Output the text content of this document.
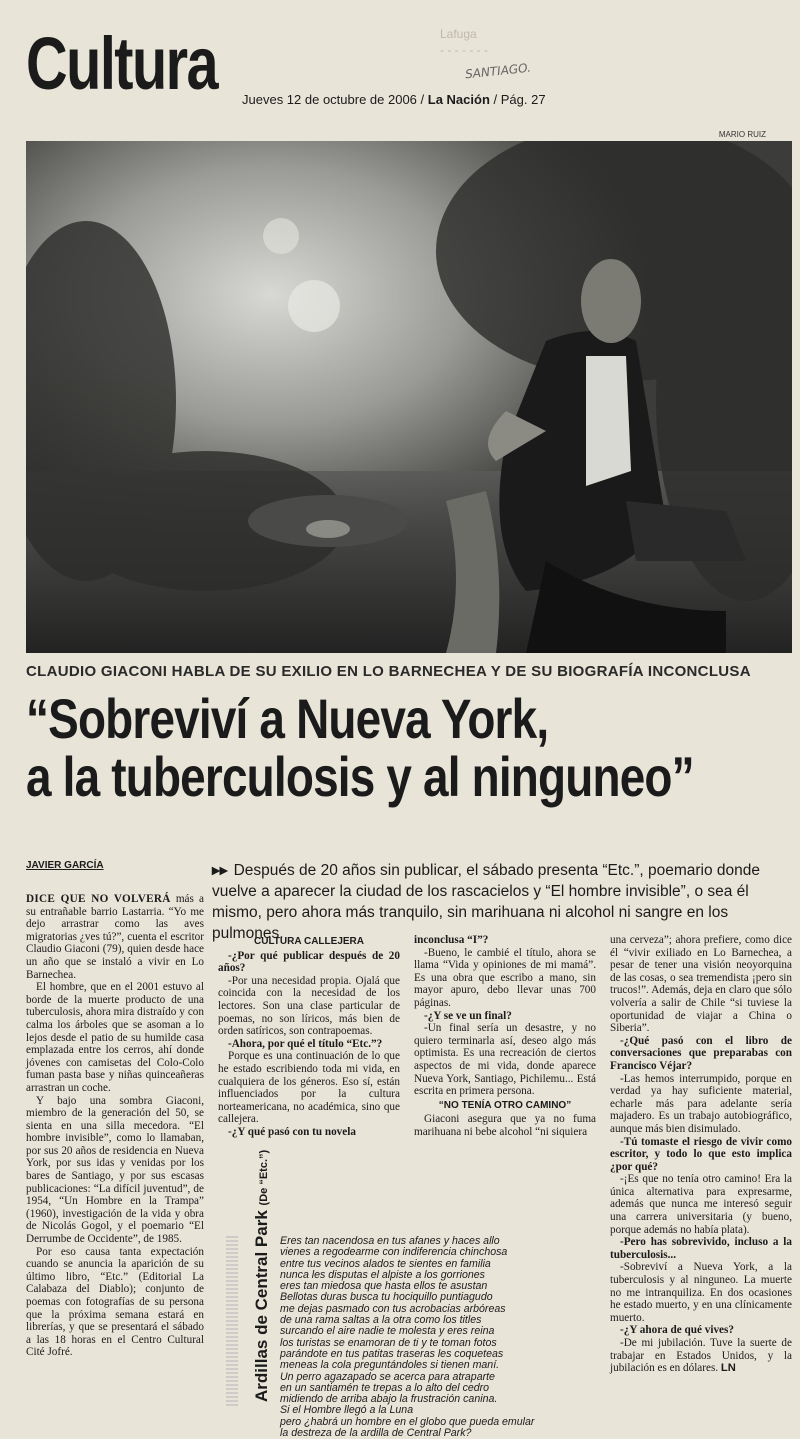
Lafuga
- - - - - - -
Cultura Jueves 12 de octubre de 2006 / La Nación / Pág. 27
SANTIAGO.
MARIO RUIZ
CLAUDIO GIACONI HABLA DE SU EXILIO EN LO BARNECHEA Y DE SU BIOGRAFÍA INCONCLUSA
“Sobreviví a Nueva York,
a la tuberculosis y al ninguneo”
JAVIER GARCÍA	▸▸ Después de 20 años sin publicar, el sábado presenta “Etc.”, poemario donde vuelve a aparecer la ciudad de los rascacielos y “El hombre invisible”, o sea él mismo, pero ahora más tranquilo, sin marihuana ni alcohol ni sangre en los pulmones.

DICE QUE NO VOLVERÁ más a su entrañable barrio Lastarria. “Yo me dejo arrastrar como las aves migratorias ¿ves tú?”, cuenta el escritor Claudio Giaconi (79), quien desde hace un año que se instaló a vivir en Lo Barnechea.

El hombre, que en el 2001 estuvo al borde de la muerte producto de una tuberculosis, ahora mira distraído y con calma los árboles que se asoman a lo lejos desde el patio de su humilde casa emplazada entre los cerros, ahí donde jóvenes con camisetas del Colo-Colo fuman pasta base y niñas quinceañeras arrastran un coche.

Y bajo una sombra Giaconi, miembro de la generación del 50, se sienta en una silla mecedora. “El hombre invisible”, como lo llamaban, por sus 20 años de residencia en Nueva York, por sus idas y venidas por los bares de Santiago, y por sus escasas publicaciones: “La difícil juventud”, de 1954, “Un Hombre en la Trampa” (1960), investigación de la vida y obra de Nicolás Gogol, y el poemario “El Derrumbe de Occidente”, de 1985.

Por eso causa tanta expectación cuando se anuncia la aparición de su último libro, “Etc.” (Editorial La Calabaza del Diablo); conjunto de poemas con fotografías de su persona que la próxima semana estará en librerías, y que se presentará el sábado a las 18 horas en el Centro Cultural Cité Jofré.

CULTURA CALLEJERA

-¿Por qué publicar después de 20 años?

-Por una necesidad propia. Ojalá que coincida con la necesidad de los lectores. Son una clase particular de poemas, no son líricos, más bien de orden satíricos, son contrapoemas.

-Ahora, por qué el título “Etc.”?

Porque es una continuación de lo que he estado escribiendo toda mi vida, en cualquiera de los géneros. Eso sí, están influenciados por la cultura norteamericana, no académica, sino que callejera.

-¿Y qué pasó con tu novela

inconclusa “I”?

-Bueno, le cambié el título, ahora se llama “Vida y opiniones de mi mamá”. Es una obra que escribo a mano, sin mayor apuro, debo llevar unas 700 páginas.

-¿Y se ve un final?

-Un final sería un desastre, y no quiero terminarla así, deseo algo más optimista. Es una recreación de ciertos aspectos de mi vida, donde aparece Nueva York, Santiago, Pichilemu... Está escrita en primera persona.

“NO TENÍA OTRO CAMINO”

Giaconi asegura que ya no fuma marihuana ni bebe alcohol “ni siquiera

una cerveza”; ahora prefiere, como dice él “vivir exiliado en Lo Barnechea, a pesar de tener una visión neoyorquina de las cosas, o sea tremendista ¡pero sin trucos!”. Además, deja en claro que sólo volvería a salir de Chile “si tuviese la oportunidad de viajar a China o Siberia”.

-¿Qué pasó con el libro de conversaciones que preparabas con Francisco Véjar?

-Las hemos interrumpido, porque en verdad ya hay suficiente material, echarle más para adelante sería majadero. Es un trabajo autobiográfico, aunque más bien disimulado.

-Tú tomaste el riesgo de vivir como escritor, y todo lo que esto implica ¿por qué?

-¡Es que no tenía otro camino! Era la única alternativa para expresarme, además que nunca me interesó seguir una carrera universitaria (y bueno, porque además no había plata).

-Pero has sobrevivido, incluso a la tuberculosis...

-Sobreviví a Nueva York, a la tuberculosis y al ninguneo. La muerte no me intranquiliza. En dos ocasiones he estado muerto, y en una clínicamente muerto.

-¿Y ahora de qué vives?

-De mi jubilación. Tuve la suerte de trabajar en Estados Unidos, y la jubilación es en dólares. LN

Ardillas de Central Park (De “Etc.”)
Eres tan nacendosa en tus afanes y haces allo
vienes a regodearme con indiferencia chinchosa
entre tus vecinos alados te sientes en familia
nunca les disputas el alpiste a los gorriones
eres tan miedosa que hasta ellos te asustan
Bellotas duras busca tu hociquillo puntiagudo
me dejas pasmado con tus acrobacias arbóreas
de una rama saltas a la otra como los titles
surcando el aire nadie te molesta y eres reina
los turistas se enamoran de ti y te toman fotos
parándote en tus patitas traseras les coqueteas
meneas la cola preguntándoles si tienen maní.
Un perro agazapado se acerca para atraparte
en un santiamén te trepas a lo alto del cedro
midiendo de arriba abajo la frustración canina.
Si el Hombre llegó a la Luna
pero ¿habrá un hombre en el globo que pueda emular
la destreza de la ardilla de Central Park?
